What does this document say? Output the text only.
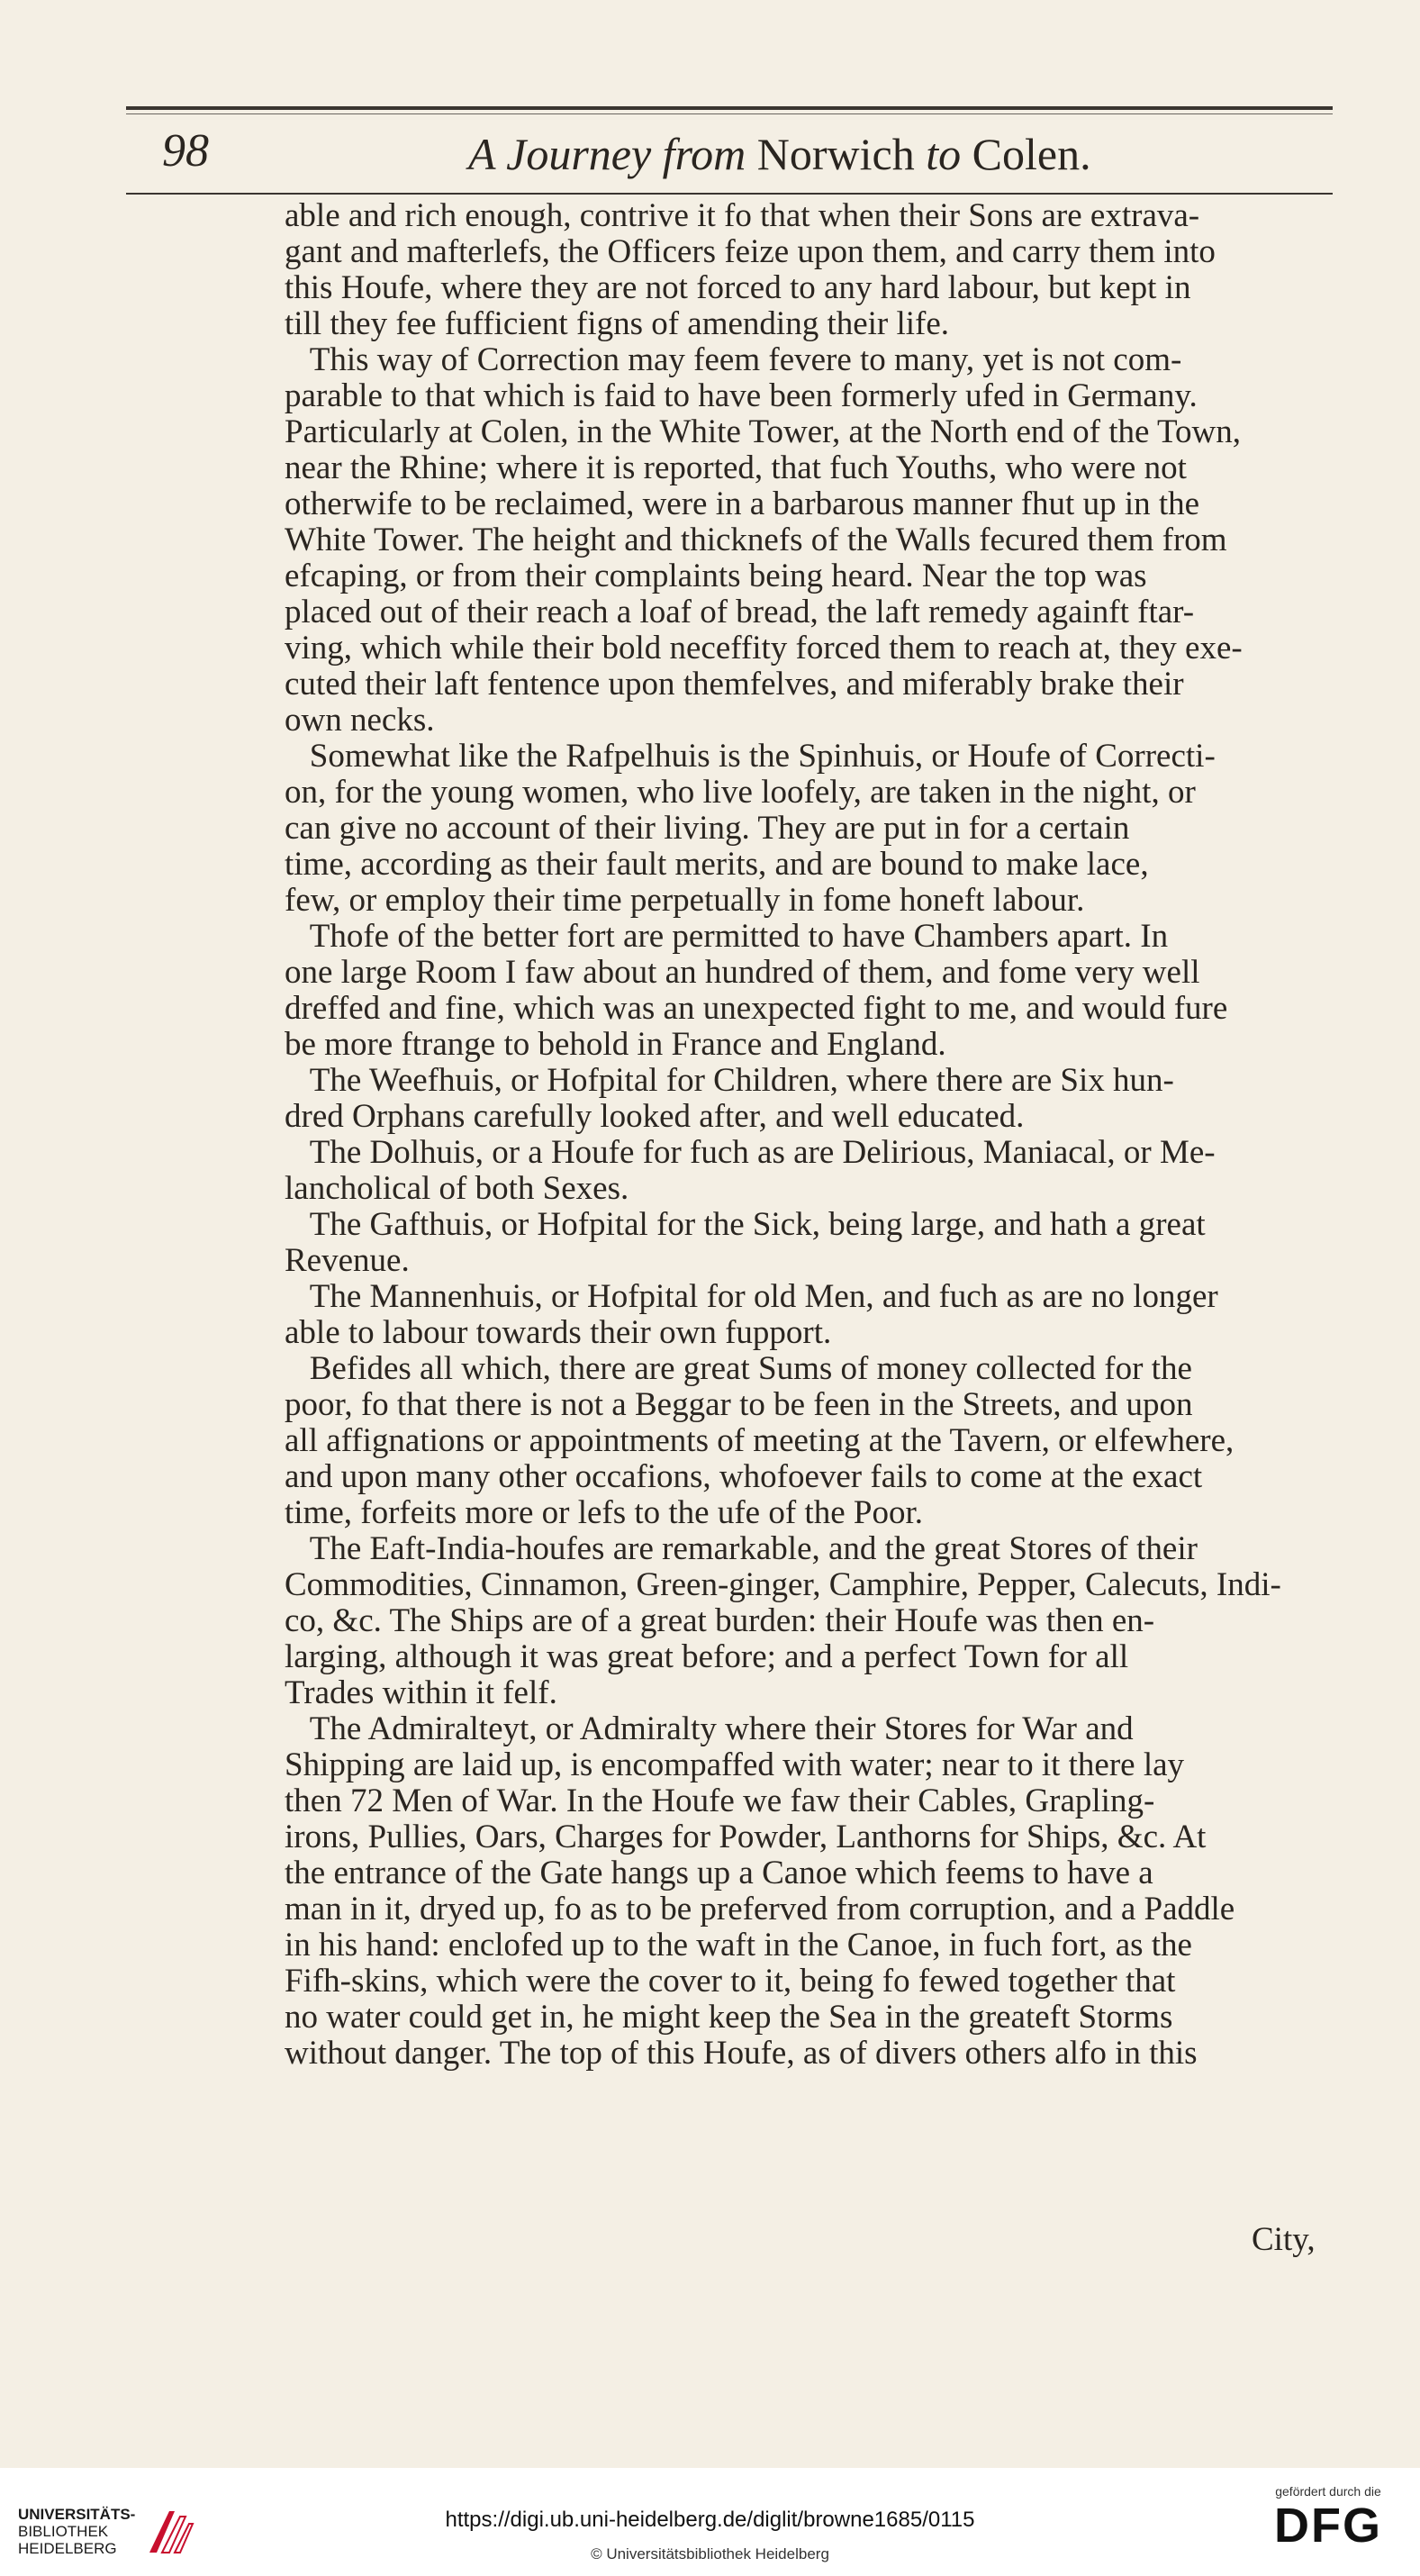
98	A Journey from Norwich to Colen.
able and rich enough, contrive it fo that when their Sons are extrava-
gant and mafterlefs, the Officers feize upon them, and carry them into
this Houfe, where they are not forced to any hard labour, but kept in
till they fee fufficient figns of amending their life.
This way of Correction may feem fevere to many, yet is not com-
parable to that which is faid to have been formerly ufed in Germany.
Particularly at Colen, in the White Tower, at the North end of the Town,
near the Rhine; where it is reported, that fuch Youths, who were not
otherwife to be reclaimed, were in a barbarous manner fhut up in the
White Tower. The height and thicknefs of the Walls fecured them from
efcaping, or from their complaints being heard. Near the top was
placed out of their reach a loaf of bread, the laft remedy againft ftar-
ving, which while their bold neceffity forced them to reach at, they exe-
cuted their laft fentence upon themfelves, and miferably brake their
own necks.
Somewhat like the Rafpelhuis is the Spinhuis, or Houfe of Correcti-
on, for the young women, who live loofely, are taken in the night, or
can give no account of their living. They are put in for a certain
time, according as their fault merits, and are bound to make lace,
few, or employ their time perpetually in fome honeft labour.
Thofe of the better fort are permitted to have Chambers apart. In
one large Room I faw about an hundred of them, and fome very well
dreffed and fine, which was an unexpected fight to me, and would fure
be more ftrange to behold in France and England.
The Weefhuis, or Hofpital for Children, where there are Six hun-
dred Orphans carefully looked after, and well educated.
The Dolhuis, or a Houfe for fuch as are Delirious, Maniacal, or Me-
lancholical of both Sexes.
The Gafthuis, or Hofpital for the Sick, being large, and hath a great
Revenue.
The Mannenhuis, or Hofpital for old Men, and fuch as are no longer
able to labour towards their own fupport.
Befides all which, there are great Sums of money collected for the
poor, fo that there is not a Beggar to be feen in the Streets, and upon
all affignations or appointments of meeting at the Tavern, or elfewhere,
and upon many other occafions, whofoever fails to come at the exact
time, forfeits more or lefs to the ufe of the Poor.
The Eaft-India-houfes are remarkable, and the great Stores of their
Commodities, Cinnamon, Green-ginger, Camphire, Pepper, Calecuts, Indi-
co, &c. The Ships are of a great burden: their Houfe was then en-
larging, although it was great before; and a perfect Town for all
Trades within it felf.
The Admiralteyt, or Admiralty where their Stores for War and
Shipping are laid up, is encompaffed with water; near to it there lay
then 72 Men of War. In the Houfe we faw their Cables, Grapling-
irons, Pullies, Oars, Charges for Powder, Lanthorns for Ships, &c. At
the entrance of the Gate hangs up a Canoe which feems to have a
man in it, dryed up, fo as to be preferved from corruption, and a Paddle
in his hand: enclofed up to the waft in the Canoe, in fuch fort, as the
Fifh-skins, which were the cover to it, being fo fewed together that
no water could get in, he might keep the Sea in the greateft Storms
without danger. The top of this Houfe, as of divers others alfo in this
City,
UNIVERSITÄTS-
BIBLIOTHEK
HEIDELBERG
https://digi.ub.uni-heidelberg.de/diglit/browne1685/0115
© Universitätsbibliothek Heidelberg
gefördert durch die
DFG
